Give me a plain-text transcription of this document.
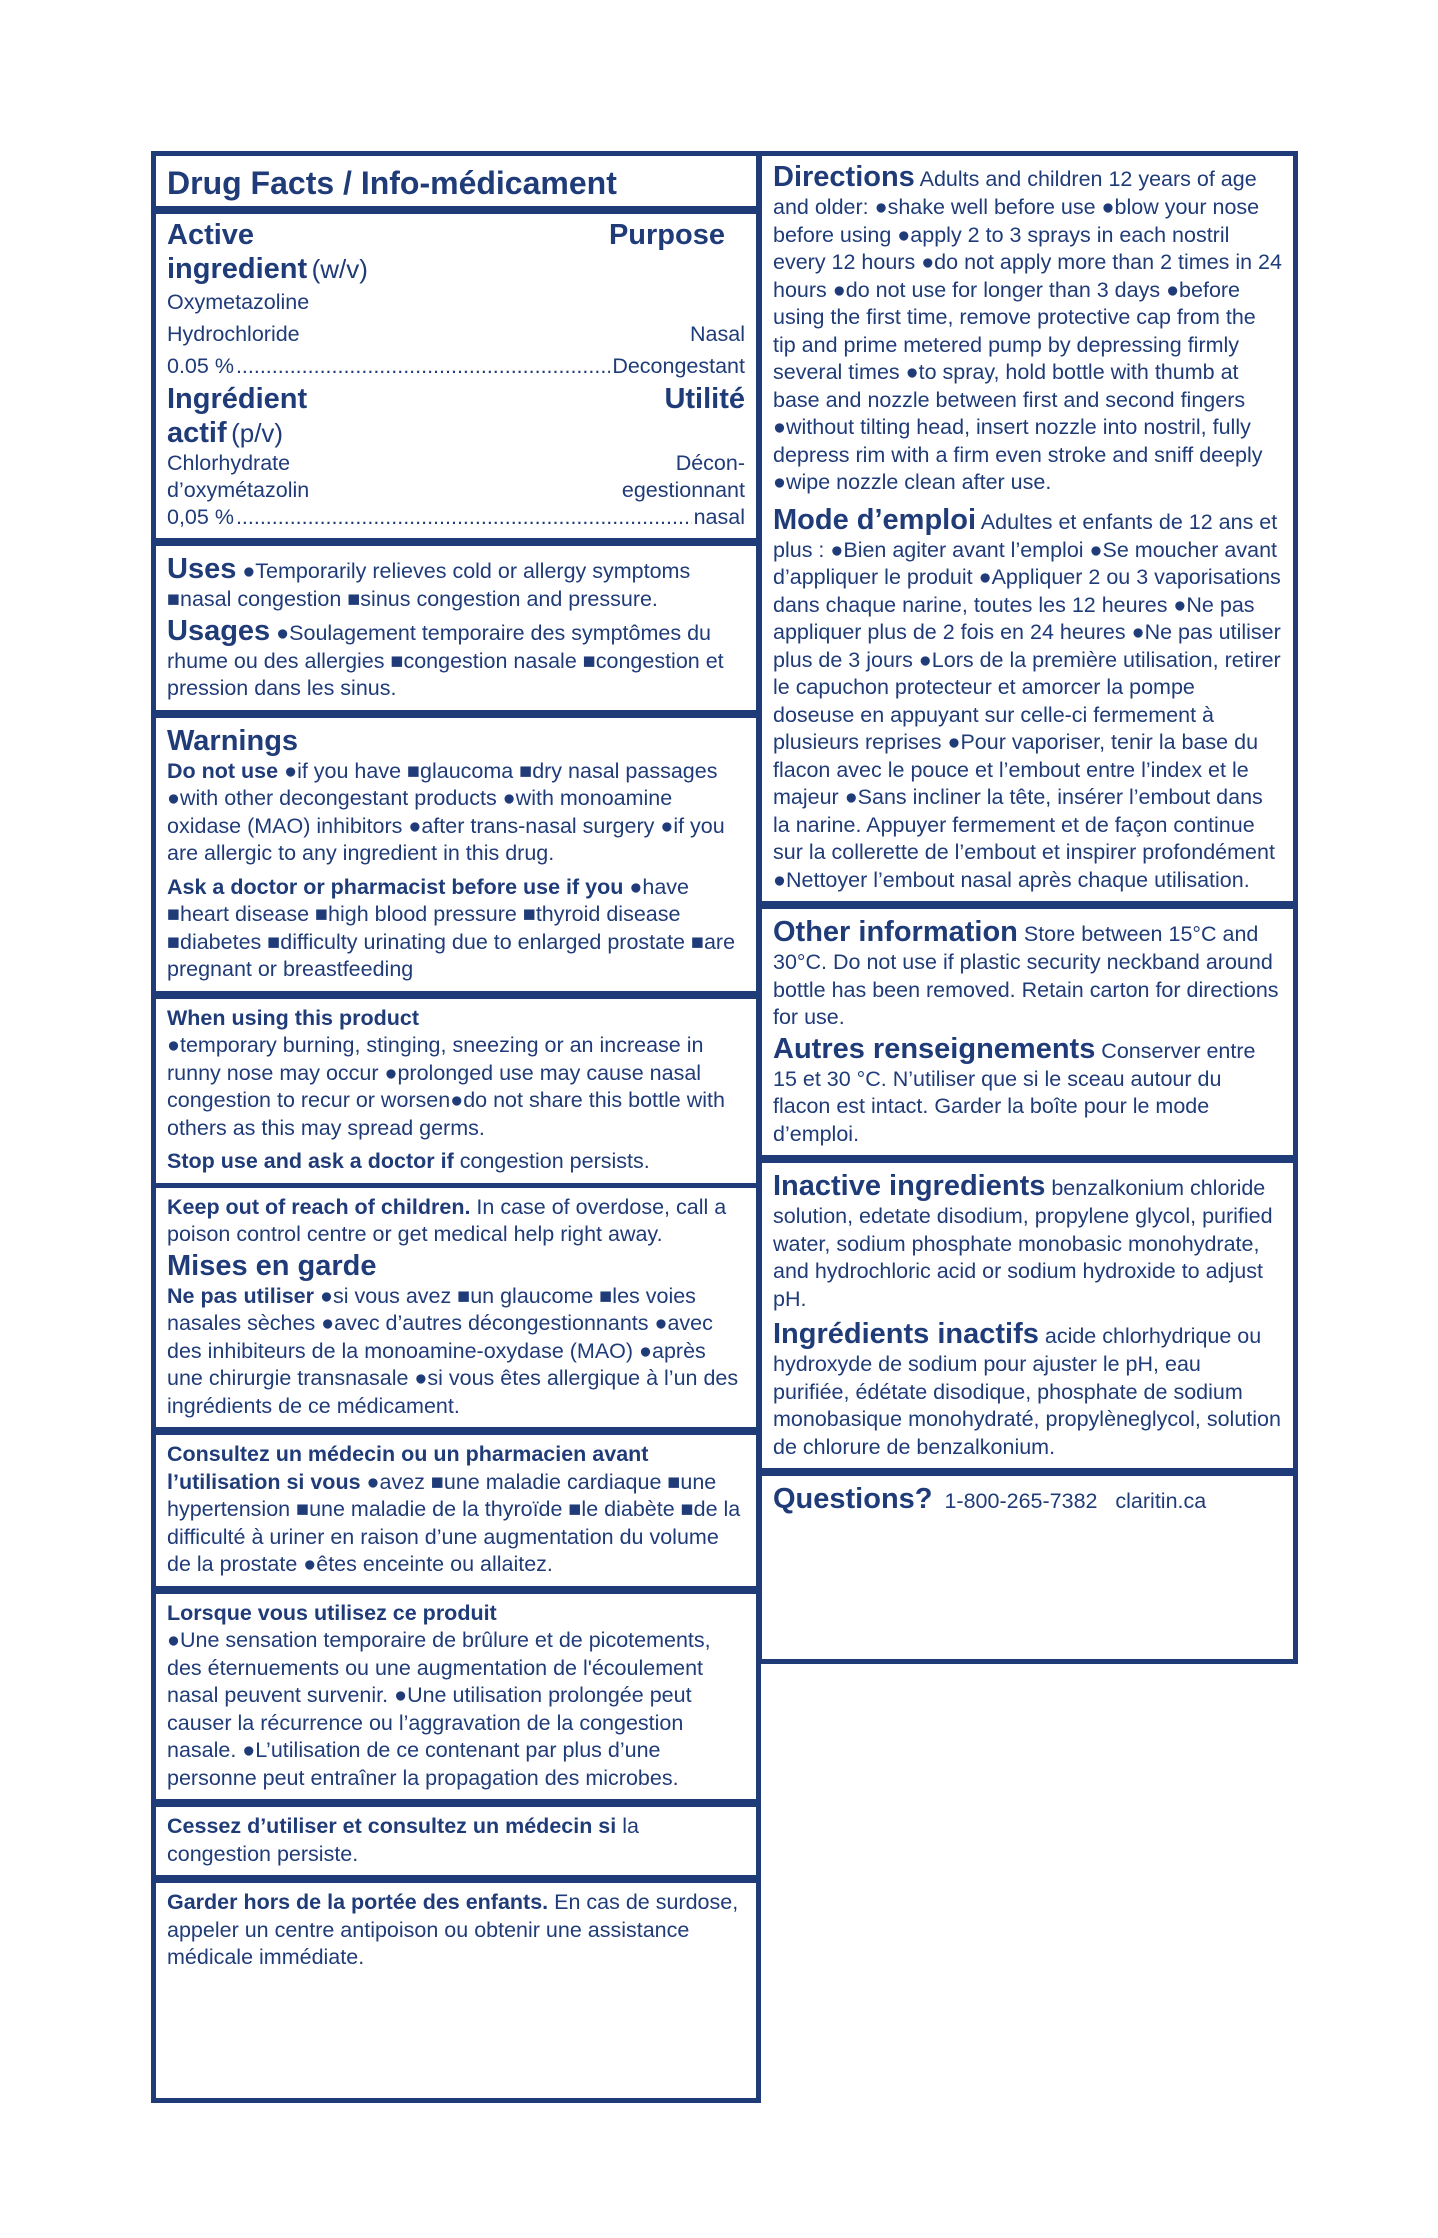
Drug Facts / Info-médicament
Active	Purpose
ingredient (w/v)
Oxymetazoline
Hydrochloride	Nasal
0.05 % .....	Decongestant
Ingrédient	Utilité
actif (p/v)
Chlorhydrate	Décon-
d’oxymétazolin	egestionnant
0,05 % .....	nasal

Uses ●Temporarily relieves cold or allergy symptoms ■nasal congestion ■sinus congestion and pressure.

Usages ●Soulagement temporaire des symptômes du rhume ou des allergies ■congestion nasale ■congestion et pression dans les sinus.

Warnings

Do not use ●if you have ■glaucoma ■dry nasal passages ●with other decongestant products ●with monoamine oxidase (MAO) inhibitors ●after trans-nasal surgery ●if you are allergic to any ingredient in this drug.

Ask a doctor or pharmacist before use if you ●have ■heart disease ■high blood pressure ■thyroid disease ■diabetes ■difficulty urinating due to enlarged prostate ■are pregnant or breastfeeding

When using this product

●temporary burning, stinging, sneezing or an increase in runny nose may occur ●prolonged use may cause nasal congestion to recur or worsen●do not share this bottle with others as this may spread germs.

Stop use and ask a doctor if congestion persists.

Keep out of reach of children. In case of overdose, call a poison control centre or get medical help right away.

Mises en garde

Ne pas utiliser ●si vous avez ■un glaucome ■les voies nasales sèches ●avec d’autres décongestionnants ●avec des inhibiteurs de la monoamine-oxydase (MAO) ●après une chirurgie transnasale ●si vous êtes allergique à l’un des ingrédients de ce médicament.

Consultez un médecin ou un pharmacien avant l’utilisation si vous ●avez ■une maladie cardiaque ■une hypertension ■une maladie de la thyroïde ■le diabète ■de la difficulté à uriner en raison d’une augmentation du volume de la prostate ●êtes enceinte ou allaitez.

Lorsque vous utilisez ce produit

●Une sensation temporaire de brûlure et de picotements, des éternuements ou une augmentation de l'écoulement nasal peuvent survenir. ●Une utilisation prolongée peut causer la récurrence ou l’aggravation de la congestion nasale. ●L’utilisation de ce contenant par plus d’une personne peut entraîner la propagation des microbes.

Cessez d’utiliser et consultez un médecin si la congestion persiste.

Garder hors de la portée des enfants. En cas de surdose, appeler un centre antipoison ou obtenir une assistance médicale immédiate.

Directions Adults and children 12 years of age and older: ●shake well before use ●blow your nose before using ●apply 2 to 3 sprays in each nostril every 12 hours ●do not apply more than 2 times in 24 hours ●do not use for longer than 3 days ●before using the first time, remove protective cap from the tip and prime metered pump by depressing firmly several times ●to spray, hold bottle with thumb at base and nozzle between first and second fingers ●without tilting head, insert nozzle into nostril, fully depress rim with a firm even stroke and sniff deeply ●wipe nozzle clean after use.

Mode d’emploi Adultes et enfants de 12 ans et plus : ●Bien agiter avant l’emploi ●Se moucher avant d’appliquer le produit ●Appliquer 2 ou 3 vaporisations dans chaque narine, toutes les 12 heures ●Ne pas appliquer plus de 2 fois en 24 heures ●Ne pas utiliser plus de 3 jours ●Lors de la première utilisation, retirer le capuchon protecteur et amorcer la pompe doseuse en appuyant sur celle-ci fermement à plusieurs reprises ●Pour vaporiser, tenir la base du flacon avec le pouce et l’embout entre l’index et le majeur ●Sans incliner la tête, insérer l’embout dans la narine. Appuyer fermement et de façon continue sur la collerette de l’embout et inspirer profondément ●Nettoyer l’embout nasal après chaque utilisation.

Other information Store between 15°C and 30°C. Do not use if plastic security neckband around bottle has been removed. Retain carton for directions for use.

Autres renseignements Conserver entre 15 et 30 °C. N’utiliser que si le sceau autour du flacon est intact. Garder la boîte pour le mode d’emploi.

Inactive ingredients benzalkonium chloride solution, edetate disodium, propylene glycol, purified water, sodium phosphate monobasic monohydrate, and hydrochloric acid or sodium hydroxide to adjust pH.

Ingrédients inactifs acide chlorhydrique ou hydroxyde de sodium pour ajuster le pH, eau purifiée, édétate disodique, phosphate de sodium monobasique monohydraté, propylèneglycol, solution de chlorure de benzalkonium.

Questions? 1-800-265-7382 claritin.ca
